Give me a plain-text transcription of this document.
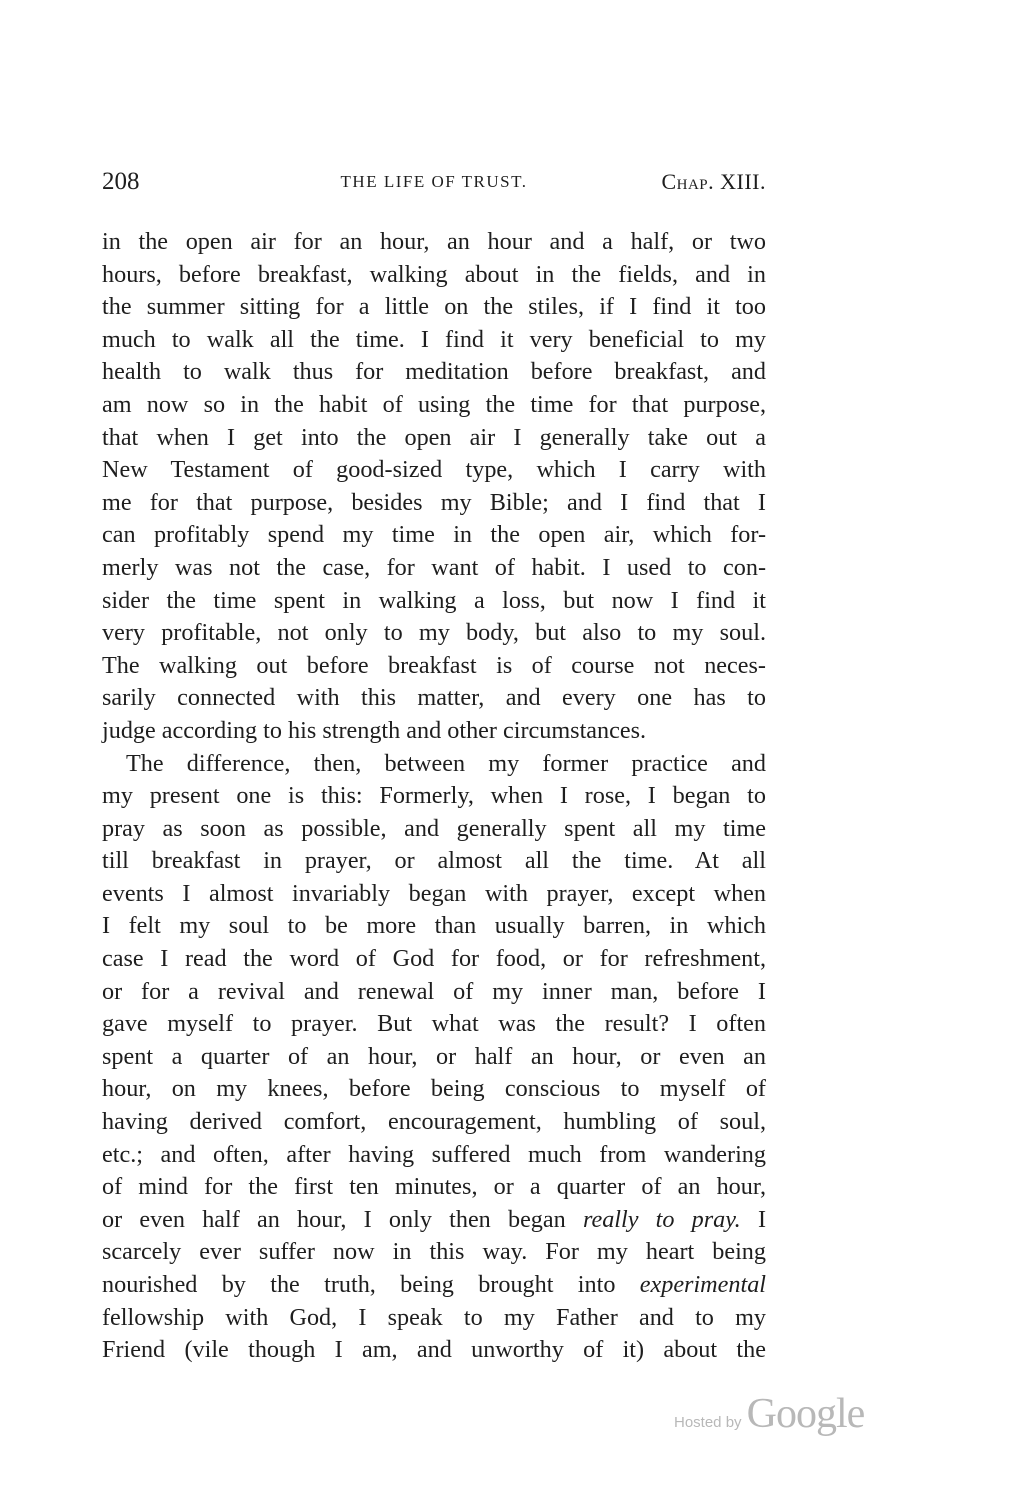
208	THE LIFE OF TRUST.	Chap. XIII.
in the open air for an hour, an hour and a half, or two
hours, before breakfast, walking about in the fields, and in
the summer sitting for a little on the stiles, if I find it too
much to walk all the time. I find it very beneficial to my
health to walk thus for meditation before breakfast, and
am now so in the habit of using the time for that purpose,
that when I get into the open air I generally take out a
New Testament of good-sized type, which I carry with
me for that purpose, besides my Bible; and I find that I
can profitably spend my time in the open air, which for-
merly was not the case, for want of habit. I used to con-
sider the time spent in walking a loss, but now I find it
very profitable, not only to my body, but also to my soul.
The walking out before breakfast is of course not neces-
sarily connected with this matter, and every one has to
judge according to his strength and other circumstances.
The difference, then, between my former practice and
my present one is this: Formerly, when I rose, I began to
pray as soon as possible, and generally spent all my time
till breakfast in prayer, or almost all the time. At all
events I almost invariably began with prayer, except when
I felt my soul to be more than usually barren, in which
case I read the word of God for food, or for refreshment,
or for a revival and renewal of my inner man, before I
gave myself to prayer. But what was the result? I often
spent a quarter of an hour, or half an hour, or even an
hour, on my knees, before being conscious to myself of
having derived comfort, encouragement, humbling of soul,
etc.; and often, after having suffered much from wandering
of mind for the first ten minutes, or a quarter of an hour,
or even half an hour, I only then began really to pray. I
scarcely ever suffer now in this way. For my heart being
nourished by the truth, being brought into experimental
fellowship with God, I speak to my Father and to my
Friend (vile though I am, and unworthy of it) about the
Hosted by Google
